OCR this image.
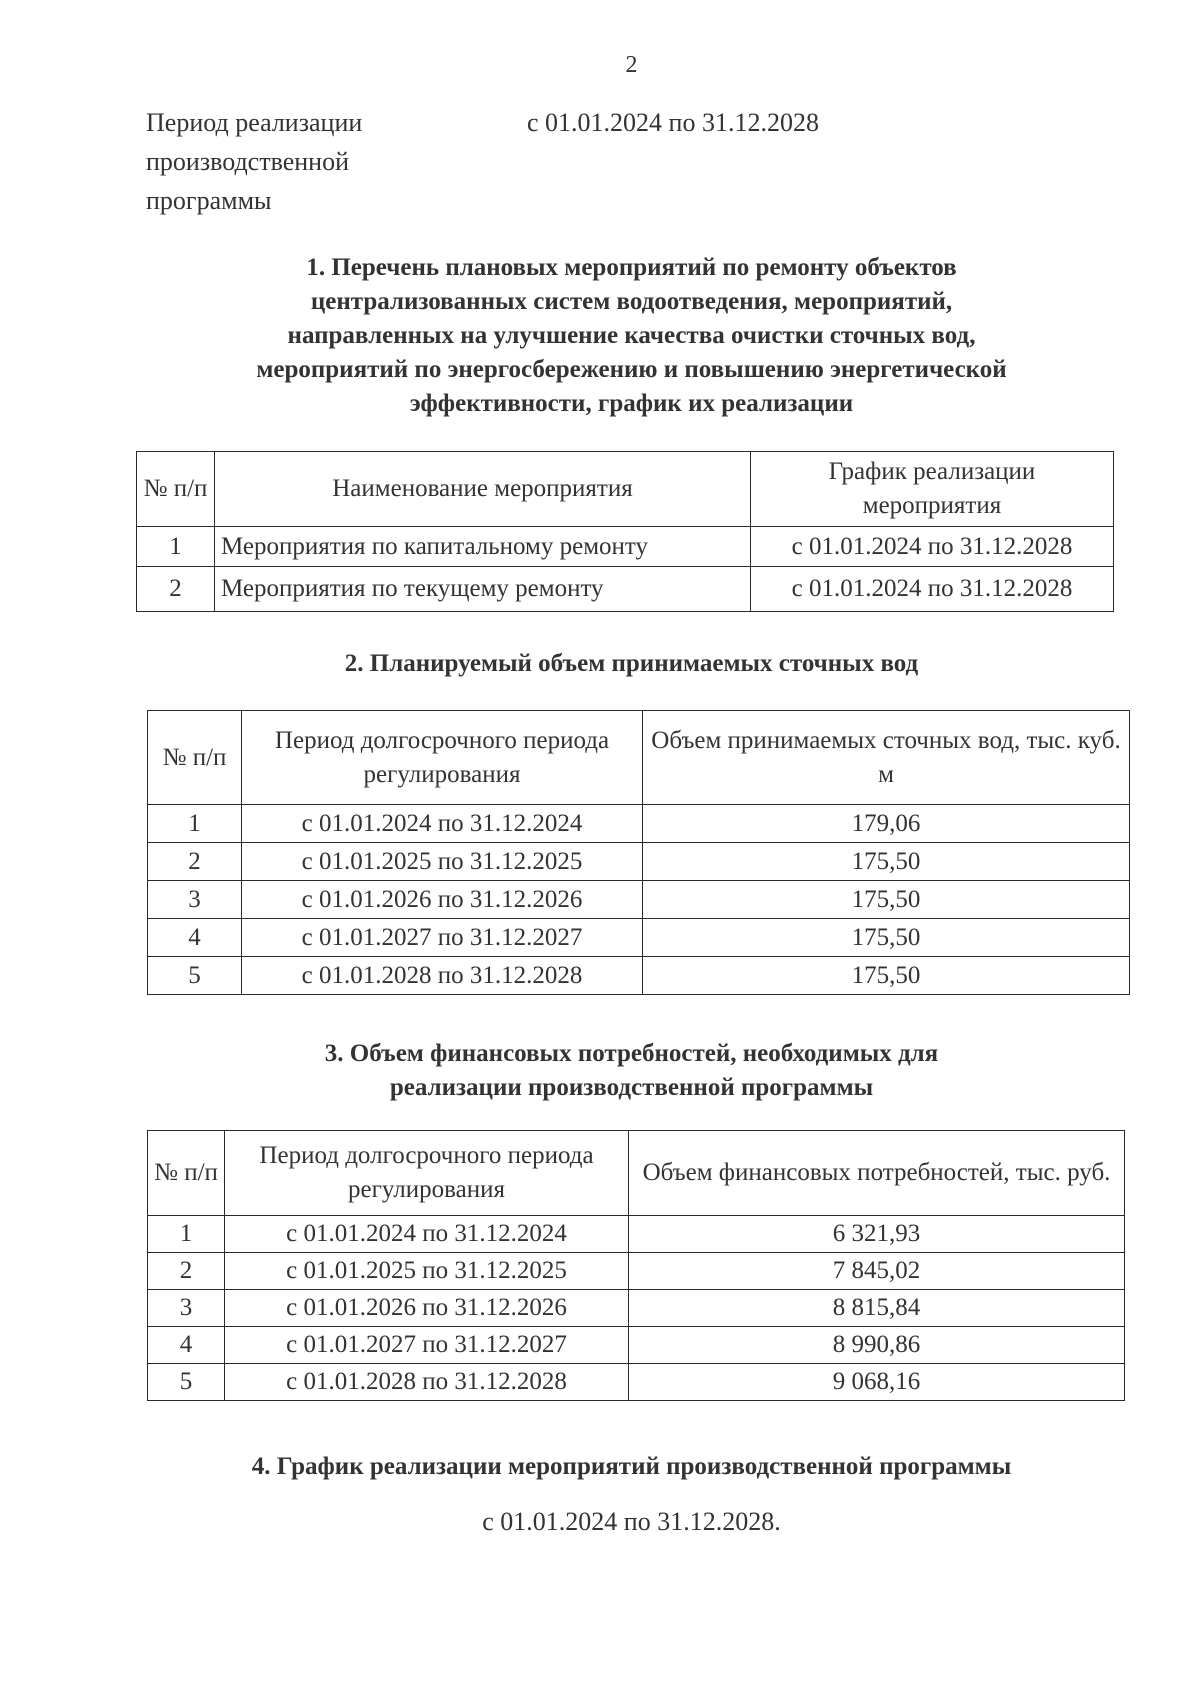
2
Период реализации
производственной
программы
с 01.01.2024 по 31.12.2028
1. Перечень плановых мероприятий по ремонту объектов
централизованных систем водоотведения, мероприятий,
направленных на улучшение качества очистки сточных вод,
мероприятий по энергосбережению и повышению энергетической
эффективности, график их реализации
№ п/п	Наименование мероприятия	График реализации мероприятия
1	Мероприятия по капитальному ремонту	с 01.01.2024 по 31.12.2028
2	Мероприятия по текущему ремонту	с 01.01.2024 по 31.12.2028
2. Планируемый объем принимаемых сточных вод
№ п/п	Период долгосрочного периода регулирования	Объем принимаемых сточных вод, тыс. куб. м
1	с 01.01.2024 по 31.12.2024	179,06
2	с 01.01.2025 по 31.12.2025	175,50
3	с 01.01.2026 по 31.12.2026	175,50
4	с 01.01.2027 по 31.12.2027	175,50
5	с 01.01.2028 по 31.12.2028	175,50
3. Объем финансовых потребностей, необходимых для
реализации производственной программы
№ п/п	Период долгосрочного периода регулирования	Объем финансовых потребностей, тыс. руб.
1	с 01.01.2024 по 31.12.2024	6 321,93
2	с 01.01.2025 по 31.12.2025	7 845,02
3	с 01.01.2026 по 31.12.2026	8 815,84
4	с 01.01.2027 по 31.12.2027	8 990,86
5	с 01.01.2028 по 31.12.2028	9 068,16
4. График реализации мероприятий производственной программы
с 01.01.2024 по 31.12.2028.
